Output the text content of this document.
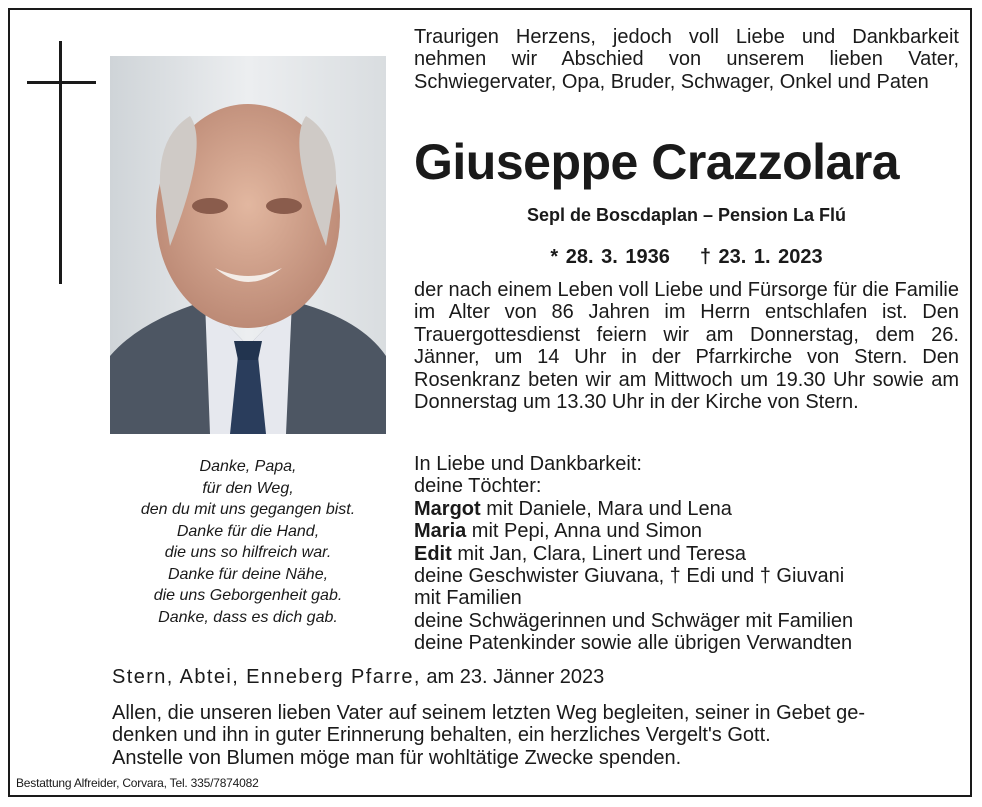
Danke, Papa,
für den Weg,
den du mit uns gegangen bist.
Danke für die Hand,
die uns so hilfreich war.
Danke für deine Nähe,
die uns Geborgenheit gab.
Danke, dass es dich gab.
Traurigen Herzens, jedoch voll Liebe und Dankbarkeit nehmen wir Abschied von unserem lieben Vater, Schwiegervater, Opa, Bruder, Schwager, Onkel und Paten
Giuseppe Crazzolara
Sepl de Boscdaplan – Pension La Flú
* 28. 3. 1936 † 23. 1. 2023
der nach einem Leben voll Liebe und Fürsorge für die Familie im Alter von 86 Jahren im Herrn entschlafen ist. Den Trauergottesdienst feiern wir am Donnerstag, dem 26. Jänner, um 14 Uhr in der Pfarrkirche von Stern. Den Rosenkranz beten wir am Mittwoch um 19.30 Uhr sowie am Donnerstag um 13.30 Uhr in der Kirche von Stern.
In Liebe und Dankbarkeit:
deine Töchter:
Margot mit Daniele, Mara und Lena
Maria mit Pepi, Anna und Simon
Edit mit Jan, Clara, Linert und Teresa
deine Geschwister Giuvana, † Edi und † Giuvani
mit Familien
deine Schwägerinnen und Schwäger mit Familien
deine Patenkinder sowie alle übrigen Verwandten
Stern, Abtei, Enneberg Pfarre, am 23. Jänner 2023
Allen, die unseren lieben Vater auf seinem letzten Weg begleiten, seiner in Gebet ge-
denken und ihn in guter Erinnerung behalten, ein herzliches Vergelt's Gott.
Anstelle von Blumen möge man für wohltätige Zwecke spenden.
Bestattung Alfreider, Corvara, Tel. 335/7874082
